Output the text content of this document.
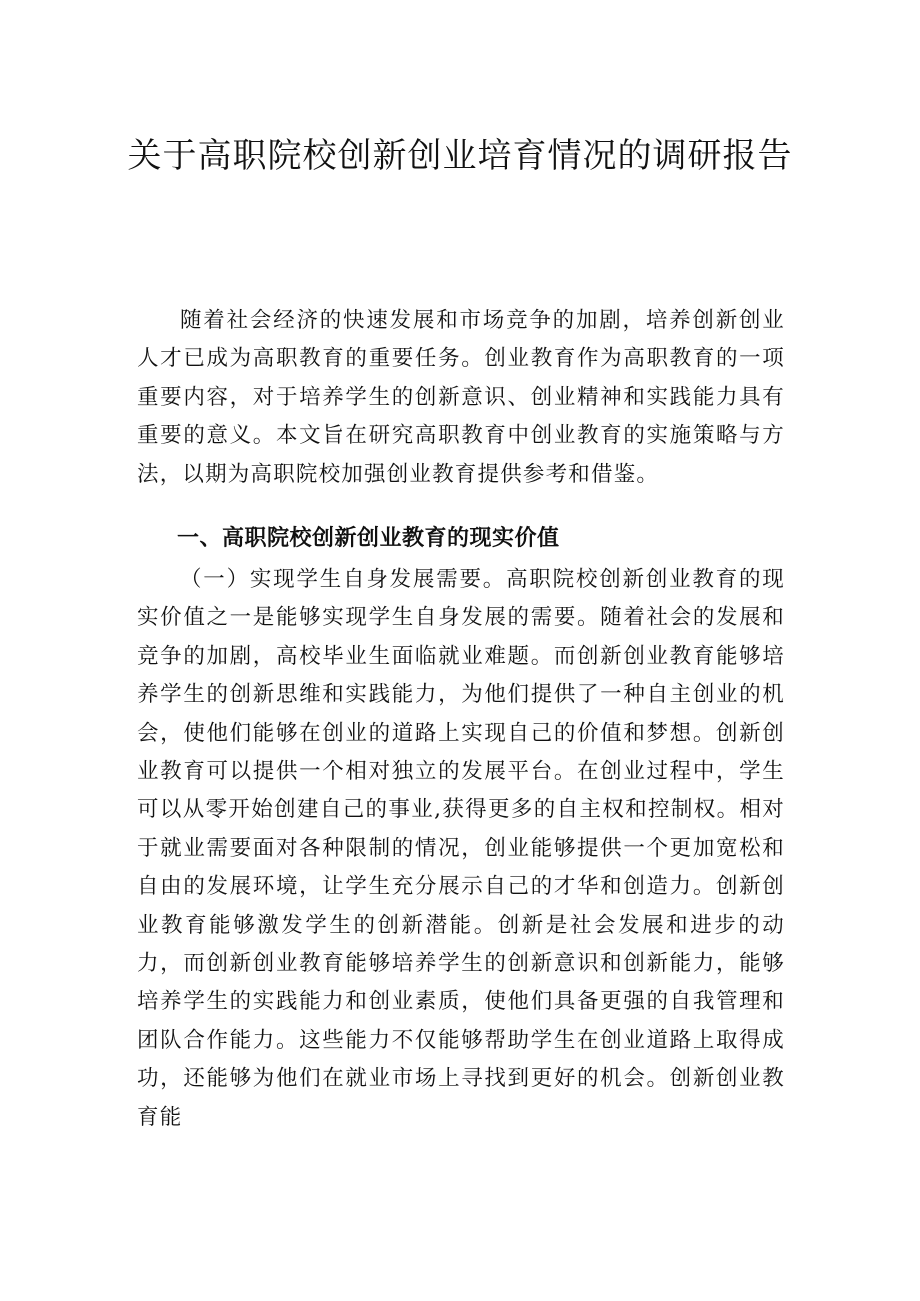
关于高职院校创新创业培育情况的调研报告

随着社会经济的快速发展和市场竞争的加剧，培养创新创业人才已成为高职教育的重要任务。创业教育作为高职教育的一项重要内容，对于培养学生的创新意识、创业精神和实践能力具有重要的意义。本文旨在研究高职教育中创业教育的实施策略与方法，以期为高职院校加强创业教育提供参考和借鉴。

一、高职院校创新创业教育的现实价值

（一）实现学生自身发展需要。高职院校创新创业教育的现实价值之一是能够实现学生自身发展的需要。随着社会的发展和竞争的加剧，高校毕业生面临就业难题。而创新创业教育能够培养学生的创新思维和实践能力，为他们提供了一种自主创业的机会，使他们能够在创业的道路上实现自己的价值和梦想。创新创业教育可以提供一个相对独立的发展平台。在创业过程中，学生可以从零开始创建自己的事业,获得更多的自主权和控制权。相对于就业需要面对各种限制的情况，创业能够提供一个更加宽松和自由的发展环境，让学生充分展示自己的才华和创造力。创新创业教育能够激发学生的创新潜能。创新是社会发展和进步的动力，而创新创业教育能够培养学生的创新意识和创新能力，能够培养学生的实践能力和创业素质，使他们具备更强的自我管理和团队合作能力。这些能力不仅能够帮助学生在创业道路上取得成功，还能够为他们在就业市场上寻找到更好的机会。创新创业教育能
